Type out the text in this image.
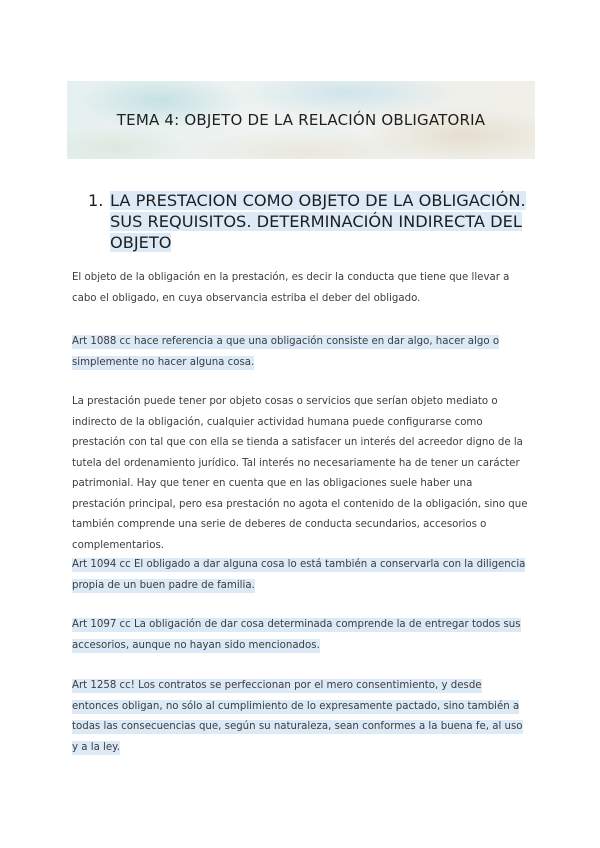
TEMA 4: OBJETO DE LA RELACIÓN OBLIGATORIA
1. LA PRESTACION COMO OBJETO DE LA OBLIGACIÓN. SUS REQUISITOS. DETERMINACIÓN INDIRECTA DEL OBJETO

El objeto de la obligación en la prestación, es decir la conducta que tiene que llevar a cabo el obligado, en cuya observancia estriba el deber del obligado.

Art 1088 cc hace referencia a que una obligación consiste en dar algo, hacer algo o simplemente no hacer alguna cosa.

La prestación puede tener por objeto cosas o servicios que serían objeto mediato o indirecto de la obligación, cualquier actividad humana puede configurarse como prestación con tal que con ella se tienda a satisfacer un interés del acreedor digno de la tutela del ordenamiento jurídico. Tal interés no necesariamente ha de tener un carácter patrimonial. Hay que tener en cuenta que en las obligaciones suele haber una prestación principal, pero esa prestación no agota el contenido de la obligación, sino que también comprende una serie de deberes de conducta secundarios, accesorios o complementarios.

Art 1094 cc El obligado a dar alguna cosa lo está también a conservarla con la diligencia propia de un buen padre de familia.

Art 1097 cc La obligación de dar cosa determinada comprende la de entregar todos sus accesorios, aunque no hayan sido mencionados.

Art 1258 cc! Los contratos se perfeccionan por el mero consentimiento, y desde entonces obligan, no sólo al cumplimiento de lo expresamente pactado, sino también a todas las consecuencias que, según su naturaleza, sean conformes a la buena fe, al uso y a la ley.
